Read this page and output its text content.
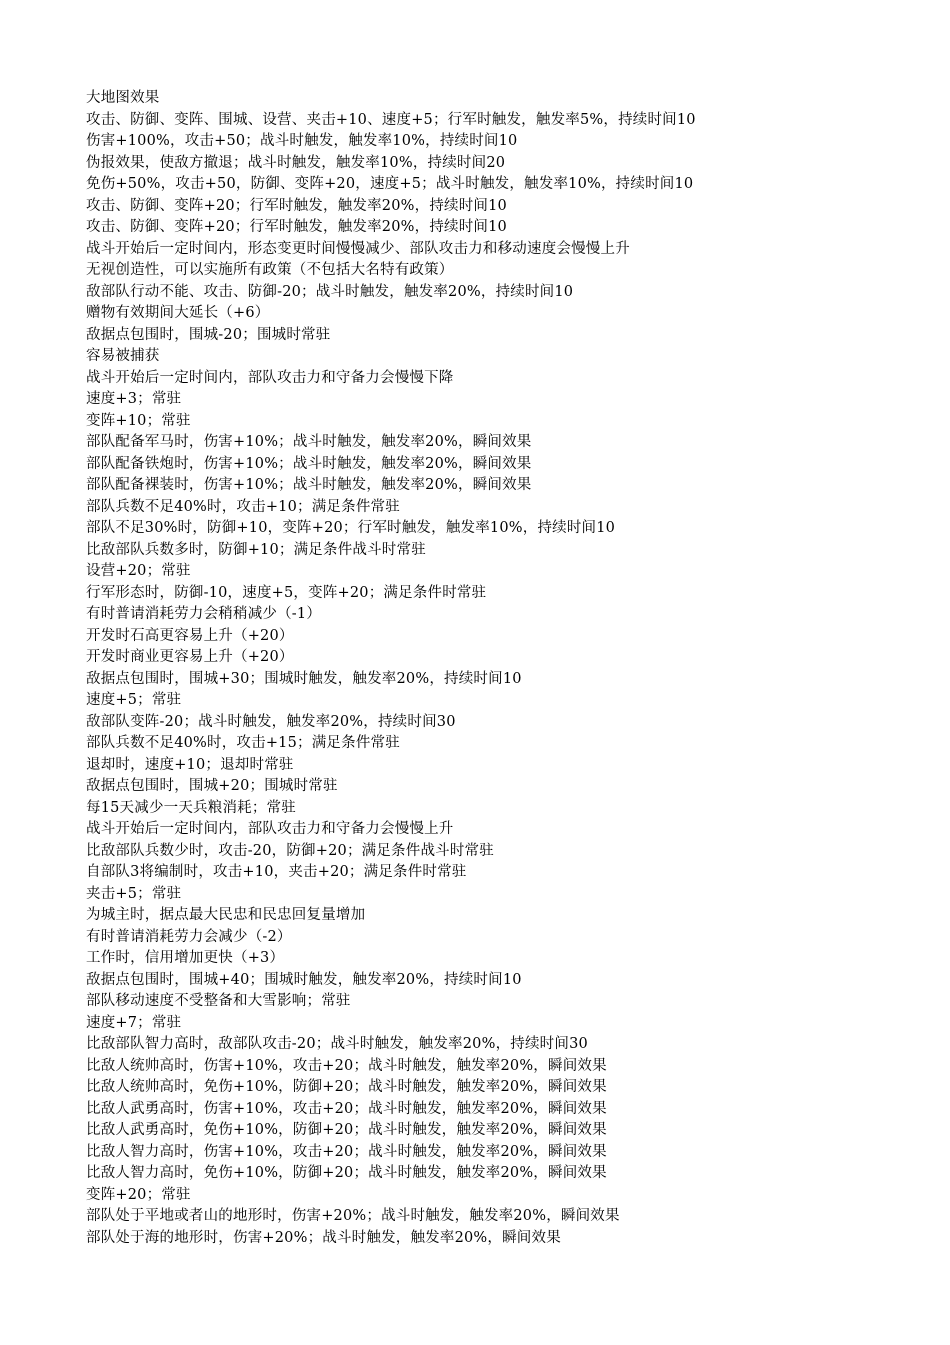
大地图效果
攻击、防御、变阵、围城、设营、夹击+10、速度+5；行军时触发，触发率5%，持续时间10
伤害+100%，攻击+50；战斗时触发，触发率10%，持续时间10
伪报效果，使敌方撤退；战斗时触发，触发率10%，持续时间20
免伤+50%，攻击+50，防御、变阵+20，速度+5；战斗时触发，触发率10%，持续时间10
攻击、防御、变阵+20；行军时触发，触发率20%，持续时间10
攻击、防御、变阵+20；行军时触发，触发率20%，持续时间10
战斗开始后一定时间内，形态变更时间慢慢减少、部队攻击力和移动速度会慢慢上升
无视创造性，可以实施所有政策（不包括大名特有政策）
敌部队行动不能、攻击、防御-20；战斗时触发，触发率20%，持续时间10
赠物有效期间大延长（+6）
敌据点包围时，围城-20；围城时常驻
容易被捕获
战斗开始后一定时间内，部队攻击力和守备力会慢慢下降
速度+3；常驻
变阵+10；常驻
部队配备军马时，伤害+10%；战斗时触发，触发率20%，瞬间效果
部队配备铁炮时，伤害+10%；战斗时触发，触发率20%，瞬间效果
部队配备裸装时，伤害+10%；战斗时触发，触发率20%，瞬间效果
部队兵数不足40%时，攻击+10；满足条件常驻
部队不足30%时，防御+10，变阵+20；行军时触发，触发率10%，持续时间10
比敌部队兵数多时，防御+10；满足条件战斗时常驻
设营+20；常驻
行军形态时，防御-10，速度+5，变阵+20；满足条件时常驻
有时普请消耗劳力会稍稍减少（-1）
开发时石高更容易上升（+20）
开发时商业更容易上升（+20）
敌据点包围时，围城+30；围城时触发，触发率20%，持续时间10
速度+5；常驻
敌部队变阵-20；战斗时触发，触发率20%，持续时间30
部队兵数不足40%时，攻击+15；满足条件常驻
退却时，速度+10；退却时常驻
敌据点包围时，围城+20；围城时常驻
每15天减少一天兵粮消耗；常驻
战斗开始后一定时间内，部队攻击力和守备力会慢慢上升
比敌部队兵数少时，攻击-20，防御+20；满足条件战斗时常驻
自部队3将编制时，攻击+10，夹击+20；满足条件时常驻
夹击+5；常驻
为城主时，据点最大民忠和民忠回复量增加
有时普请消耗劳力会减少（-2）
工作时，信用增加更快（+3）
敌据点包围时，围城+40；围城时触发，触发率20%，持续时间10
部队移动速度不受整备和大雪影响；常驻
速度+7；常驻
比敌部队智力高时，敌部队攻击-20；战斗时触发，触发率20%，持续时间30
比敌人统帅高时，伤害+10%，攻击+20；战斗时触发，触发率20%，瞬间效果
比敌人统帅高时，免伤+10%，防御+20；战斗时触发，触发率20%，瞬间效果
比敌人武勇高时，伤害+10%，攻击+20；战斗时触发，触发率20%，瞬间效果
比敌人武勇高时，免伤+10%，防御+20；战斗时触发，触发率20%，瞬间效果
比敌人智力高时，伤害+10%，攻击+20；战斗时触发，触发率20%，瞬间效果
比敌人智力高时，免伤+10%，防御+20；战斗时触发，触发率20%，瞬间效果
变阵+20；常驻
部队处于平地或者山的地形时，伤害+20%；战斗时触发，触发率20%，瞬间效果
部队处于海的地形时，伤害+20%；战斗时触发，触发率20%，瞬间效果
